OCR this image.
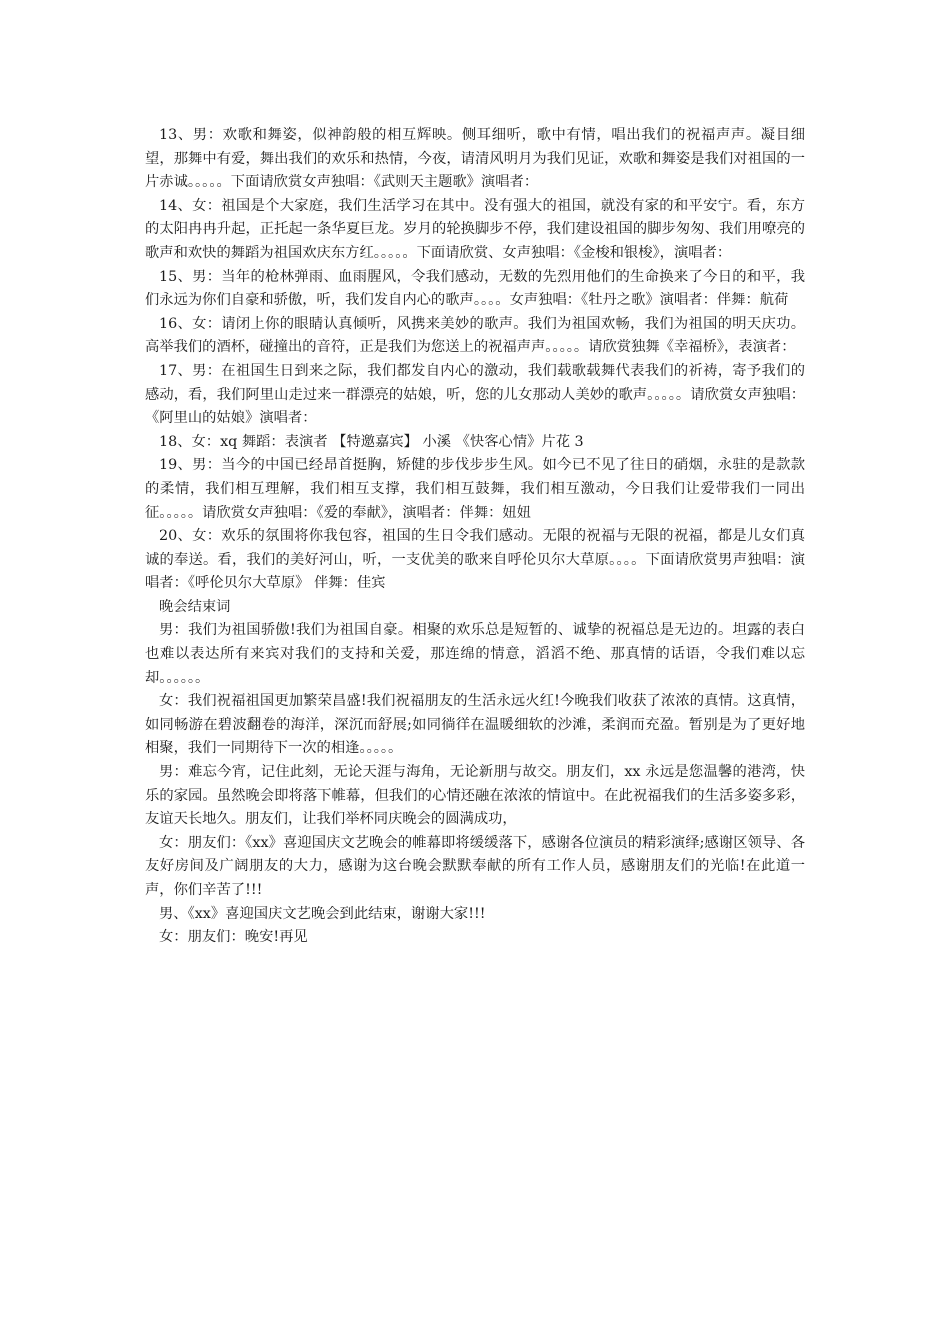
13、男：欢歌和舞姿，似神韵般的相互辉映。侧耳细听，歌中有情，唱出我们的祝福声声。凝目细望，那舞中有爱，舞出我们的欢乐和热情，今夜，请清风明月为我们见证，欢歌和舞姿是我们对祖国的一片赤诚。。。。。下面请欣赏女声独唱：《武则天主题歌》演唱者：

14、女：祖国是个大家庭，我们生活学习在其中。没有强大的祖国，就没有家的和平安宁。看，东方的太阳冉冉升起，正托起一条华夏巨龙。岁月的轮换脚步不停，我们建设祖国的脚步匆匆、我们用嘹亮的歌声和欢快的舞蹈为祖国欢庆东方红。。。。。下面请欣赏、女声独唱：《金梭和银梭》，演唱者：

15、男：当年的枪林弹雨、血雨腥风，令我们感动，无数的先烈用他们的生命换来了今日的和平，我们永远为你们自豪和骄傲，听，我们发自内心的歌声。。。。女声独唱：《牡丹之歌》演唱者：伴舞：航荷

16、女：请闭上你的眼睛认真倾听，风携来美妙的歌声。我们为祖国欢畅，我们为祖国的明天庆功。高举我们的酒杯，碰撞出的音符，正是我们为您送上的祝福声声。。。。。请欣赏独舞《幸福桥》，表演者：

17、男：在祖国生日到来之际，我们都发自内心的激动，我们载歌载舞代表我们的祈祷，寄予我们的感动，看，我们阿里山走过来一群漂亮的姑娘，听，您的儿女那动人美妙的歌声。。。。。请欣赏女声独唱：《阿里山的姑娘》演唱者：

18、女：xq 舞蹈：表演者 【特邀嘉宾】 小溪 《快客心情》片花 3

19、男：当今的中国已经昂首挺胸，矫健的步伐步步生风。如今已不见了往日的硝烟，永驻的是款款的柔情，我们相互理解，我们相互支撑，我们相互鼓舞，我们相互激动，今日我们让爱带我们一同出征。。。。。请欣赏女声独唱：《爱的奉献》，演唱者：伴舞：妞妞

20、女：欢乐的氛围将你我包容，祖国的生日令我们感动。无限的祝福与无限的祝福，都是儿女们真诚的奉送。看，我们的美好河山，听，一支优美的歌来自呼伦贝尔大草原。。。。下面请欣赏男声独唱：演唱者：《呼伦贝尔大草原》 伴舞：佳宾

晚会结束词

男：我们为祖国骄傲!我们为祖国自豪。相聚的欢乐总是短暂的、诚挚的祝福总是无边的。坦露的表白也难以表达所有来宾对我们的支持和关爱，那连绵的情意，滔滔不绝、那真情的话语，令我们难以忘却。。。。。。

女：我们祝福祖国更加繁荣昌盛!我们祝福朋友的生活永远火红!今晚我们收获了浓浓的真情。这真情，如同畅游在碧波翻卷的海洋，深沉而舒展;如同徜徉在温暖细软的沙滩，柔润而充盈。暂别是为了更好地相聚，我们一同期待下一次的相逢。。。。。

男：难忘今宵，记住此刻，无论天涯与海角，无论新朋与故交。朋友们，xx 永远是您温馨的港湾，快乐的家园。虽然晚会即将落下帷幕，但我们的心情还融在浓浓的情谊中。在此祝福我们的生活多姿多彩，友谊天长地久。朋友们，让我们举杯同庆晚会的圆满成功，

女：朋友们：《xx》喜迎国庆文艺晚会的帷幕即将缓缓落下，感谢各位演员的精彩演绎;感谢区领导、各友好房间及广阔朋友的大力，感谢为这台晚会默默奉献的所有工作人员，感谢朋友们的光临!在此道一声，你们辛苦了!!!

男、《xx》喜迎国庆文艺晚会到此结束，谢谢大家!!!

女：朋友们：晚安!再见
